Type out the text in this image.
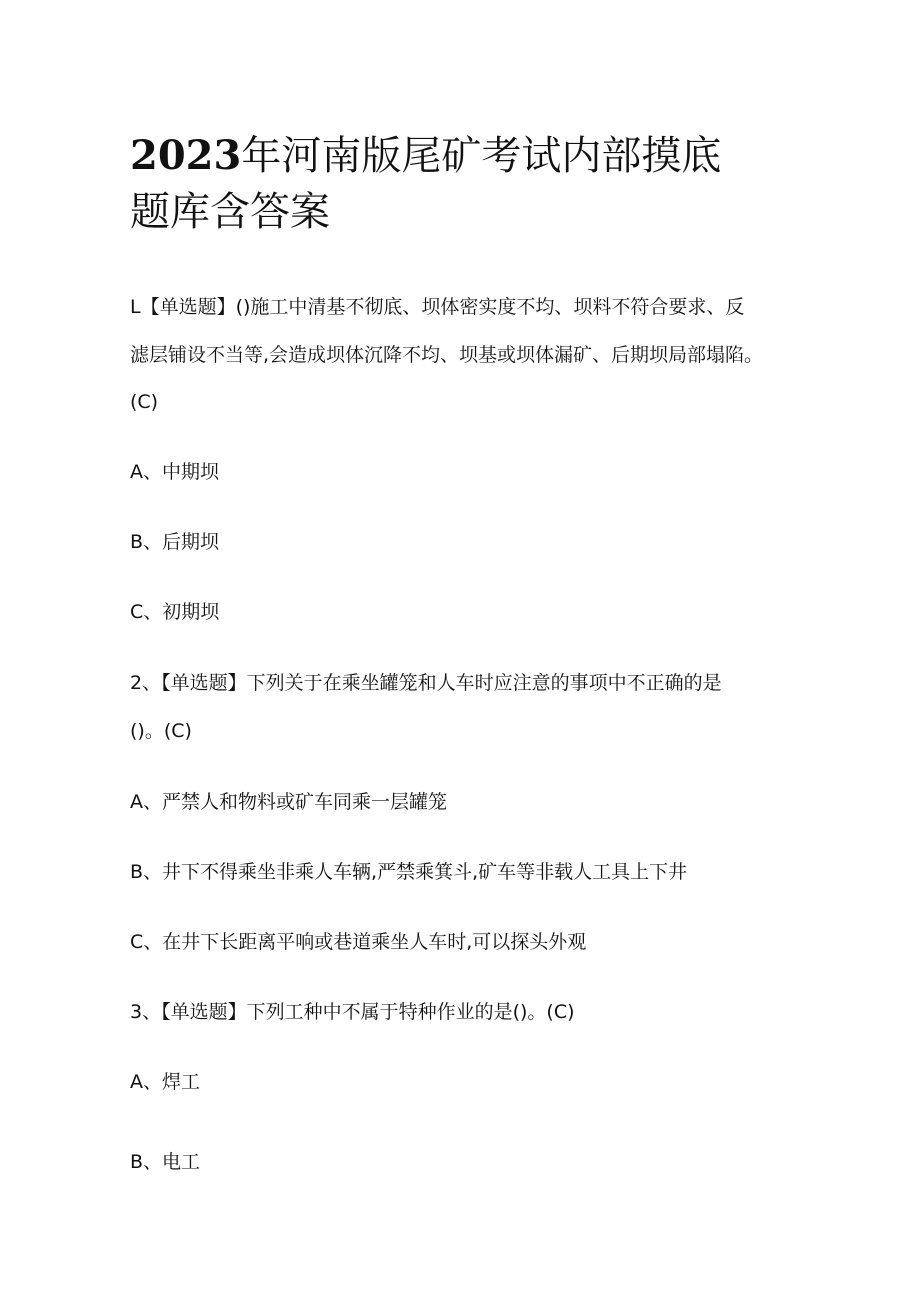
2023年河南版尾矿考试内部摸底
题库含答案
L【单选题】()施工中清基不彻底、坝体密实度不均、坝料不符合要求、反
滤层铺设不当等,会造成坝体沉降不均、坝基或坝体漏矿、后期坝局部塌陷。
(C)
A、中期坝
B、后期坝
C、初期坝
2、【单选题】下列关于在乘坐罐笼和人车时应注意的事项中不正确的是
()。(C)
A、严禁人和物料或矿车同乘一层罐笼
B、井下不得乘坐非乘人车辆,严禁乘箕斗,矿车等非载人工具上下井
C、在井下长距离平响或巷道乘坐人车时,可以探头外观
3、【单选题】下列工种中不属于特种作业的是()。(C)
A、焊工
B、电工
